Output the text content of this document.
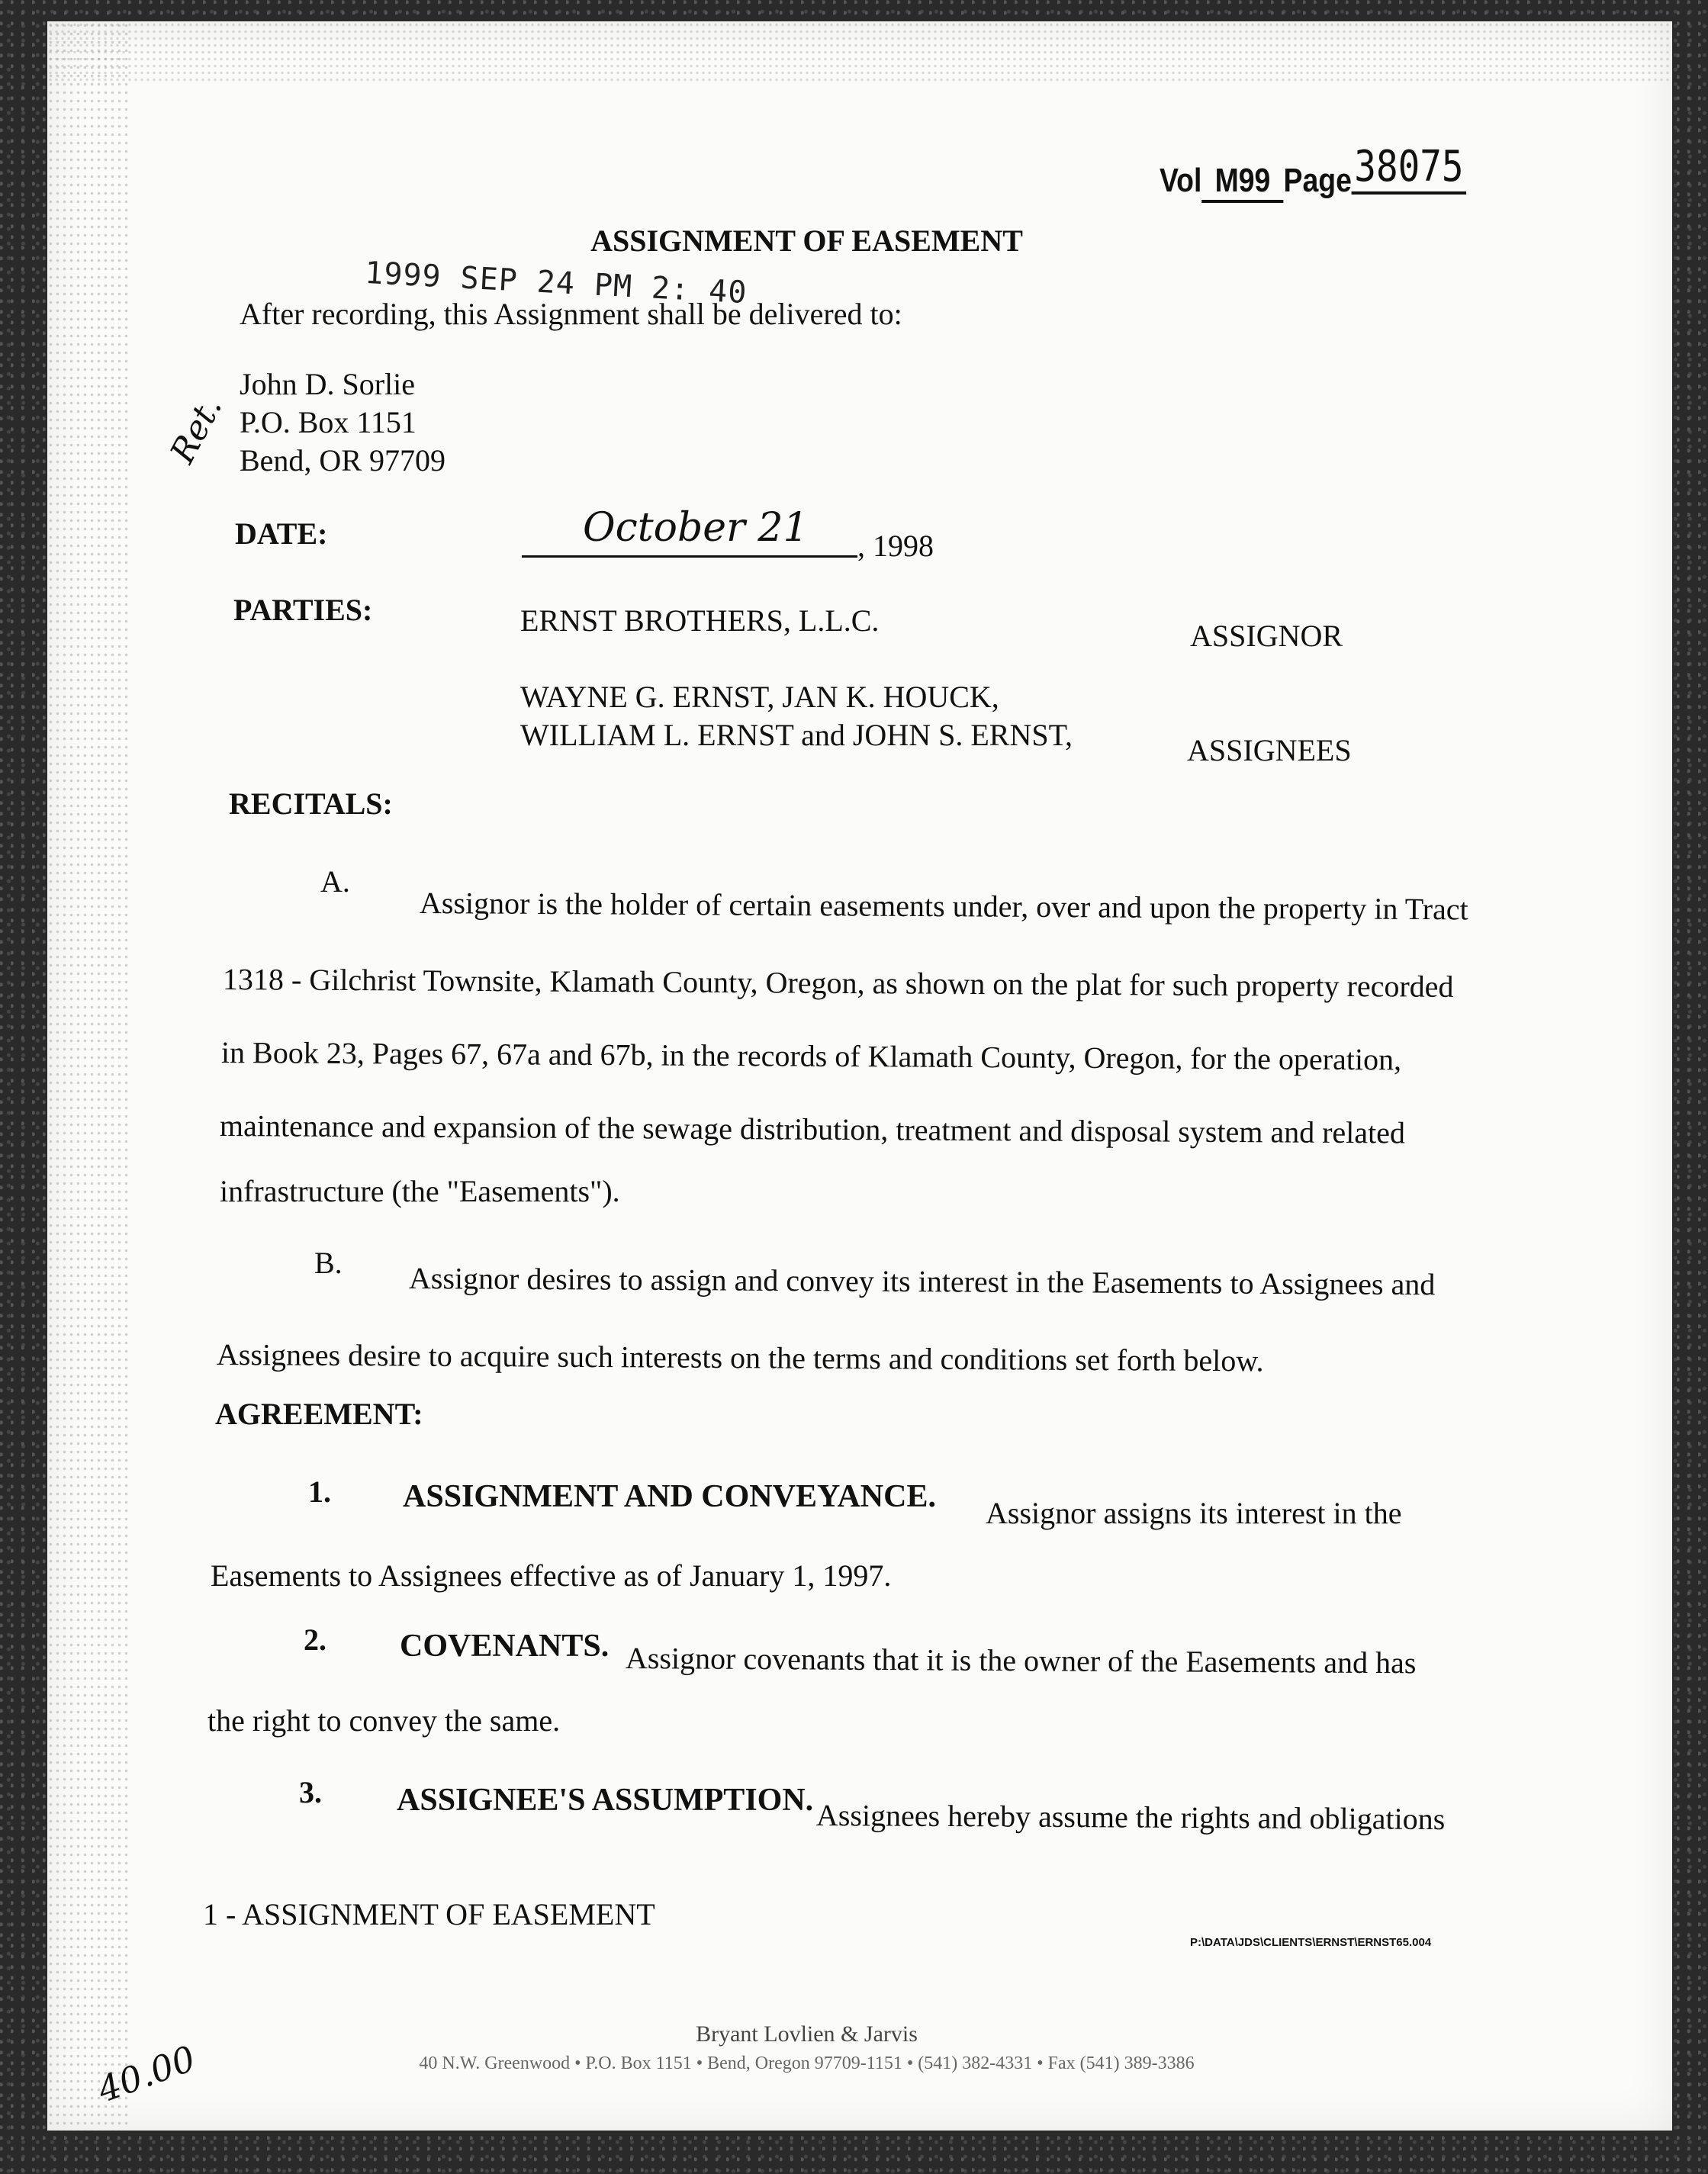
Vol M99 Page38075
ASSIGNMENT OF EASEMENT
1999 SEP 24 PM 2: 40
After recording, this Assignment shall be delivered to:
Ret.
John D. Sorlie
P.O. Box 1151
Bend, OR 97709
DATE:	October 21 , 1998
PARTIES:	ERNST BROTHERS, L.L.C.	ASSIGNOR
WAYNE G. ERNST, JAN K. HOUCK,
WILLIAM L. ERNST and JOHN S. ERNST,	ASSIGNEES
RECITALS:
A.
Assignor is the holder of certain easements under, over and upon the property in Tract
1318 - Gilchrist Townsite, Klamath County, Oregon, as shown on the plat for such property recorded
in Book 23, Pages 67, 67a and 67b, in the records of Klamath County, Oregon, for the operation,
maintenance and expansion of the sewage distribution, treatment and disposal system and related
infrastructure (the "Easements").
B. Assignor desires to assign and convey its interest in the Easements to Assignees and
Assignees desire to acquire such interests on the terms and conditions set forth below.
AGREEMENT:
1. ASSIGNMENT AND CONVEYANCE. Assignor assigns its interest in the
Easements to Assignees effective as of January 1, 1997.
2. COVENANTS. Assignor covenants that it is the owner of the Easements and has
the right to convey the same.
3. ASSIGNEE'S ASSUMPTION. Assignees hereby assume the rights and obligations
1 - ASSIGNMENT OF EASEMENT
P:\DATA\JDS\CLIENTS\ERNST\ERNST65.004
Bryant Lovlien & Jarvis
40 N.W. Greenwood • P.O. Box 1151 • Bend, Oregon 97709-1151 • (541) 382-4331 • Fax (541) 389-3386
40.00
